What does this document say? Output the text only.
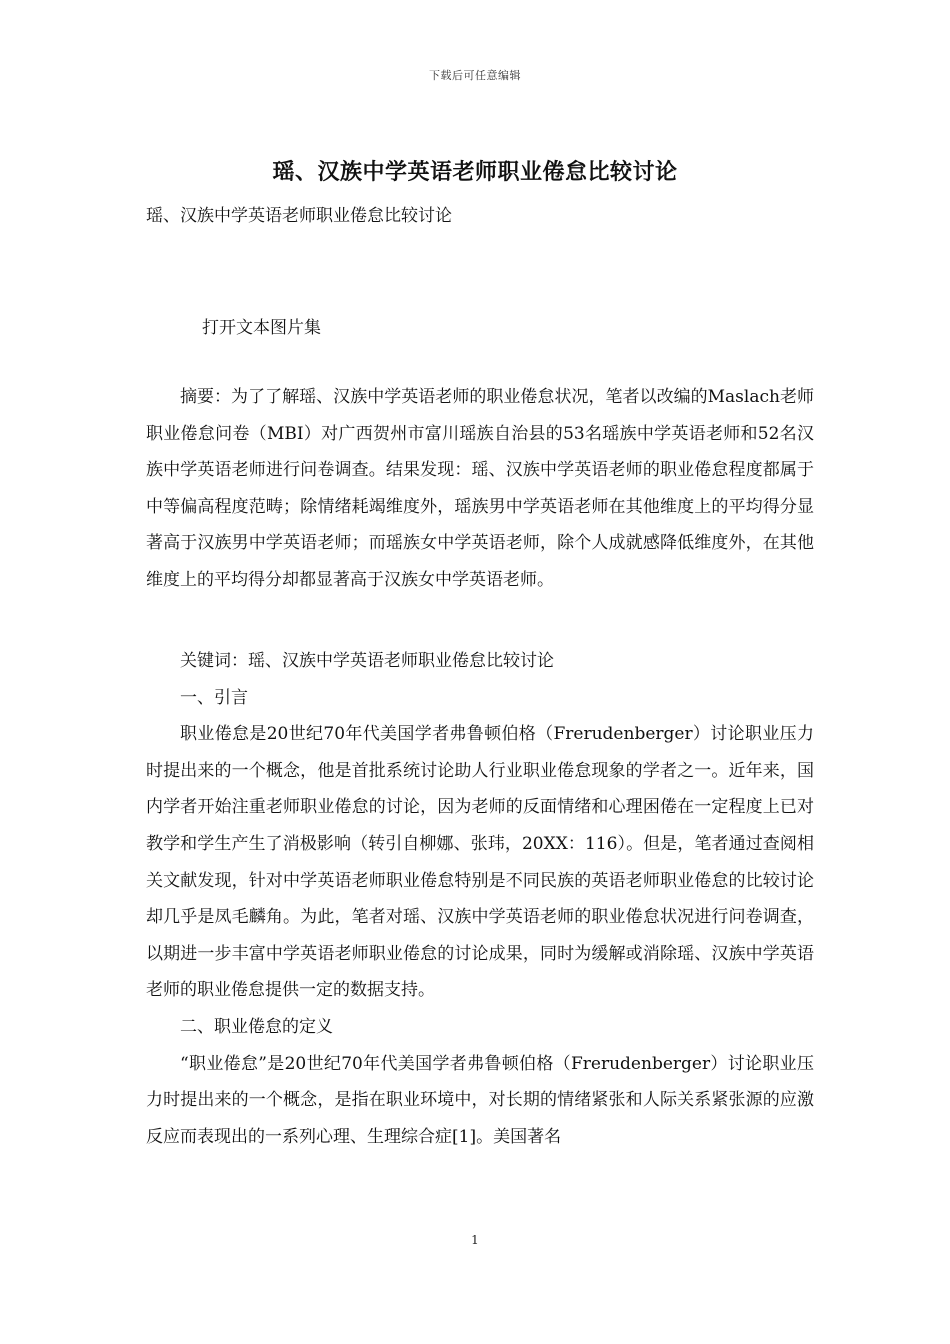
下载后可任意编辑
瑶、汉族中学英语老师职业倦怠比较讨论
瑶、汉族中学英语老师职业倦怠比较讨论
打开文本图片集

摘要：为了了解瑶、汉族中学英语老师的职业倦怠状况，笔者以改编的Maslach老师职业倦怠问卷（MBI）对广西贺州市富川瑶族自治县的53名瑶族中学英语老师和52名汉族中学英语老师进行问卷调查。结果发现：瑶、汉族中学英语老师的职业倦怠程度都属于中等偏高程度范畴；除情绪耗竭维度外，瑶族男中学英语老师在其他维度上的平均得分显著高于汉族男中学英语老师；而瑶族女中学英语老师，除个人成就感降低维度外，在其他维度上的平均得分却都显著高于汉族女中学英语老师。

关键词：瑶、汉族中学英语老师职业倦怠比较讨论

一、引言

职业倦怠是20世纪70年代美国学者弗鲁顿伯格（Frerudenberger）讨论职业压力时提出来的一个概念，他是首批系统讨论助人行业职业倦怠现象的学者之一。近年来，国内学者开始注重老师职业倦怠的讨论，因为老师的反面情绪和心理困倦在一定程度上已对教学和学生产生了消极影响（转引自柳娜、张玮，20XX：116）。但是，笔者通过查阅相关文献发现，针对中学英语老师职业倦怠特别是不同民族的英语老师职业倦怠的比较讨论却几乎是凤毛麟角。为此，笔者对瑶、汉族中学英语老师的职业倦怠状况进行问卷调查，以期进一步丰富中学英语老师职业倦怠的讨论成果，同时为缓解或消除瑶、汉族中学英语老师的职业倦怠提供一定的数据支持。

二、职业倦怠的定义

“职业倦怠”是20世纪70年代美国学者弗鲁顿伯格（Frerudenberger）讨论职业压力时提出来的一个概念，是指在职业环境中，对长期的情绪紧张和人际关系紧张源的应激反应而表现出的一系列心理、生理综合症[1]。美国著名

1
